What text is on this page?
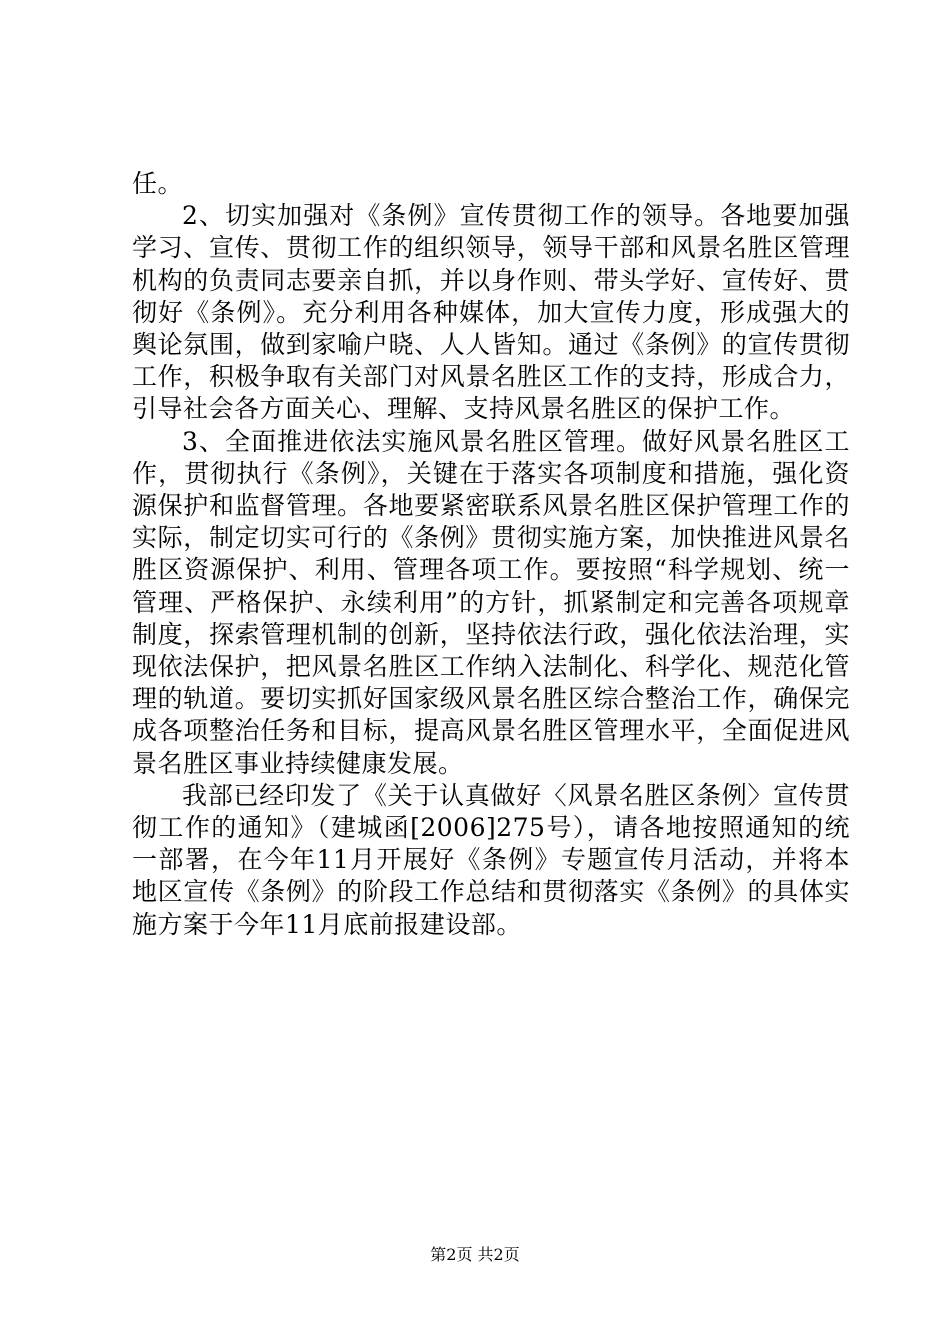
任。

2、切实加强对《条例》宣传贯彻工作的领导。各地要加强学习、宣传、贯彻工作的组织领导，领导干部和风景名胜区管理机构的负责同志要亲自抓，并以身作则、带头学好、宣传好、贯彻好《条例》。充分利用各种媒体，加大宣传力度，形成强大的舆论氛围，做到家喻户晓、人人皆知。通过《条例》的宣传贯彻工作，积极争取有关部门对风景名胜区工作的支持，形成合力，引导社会各方面关心、理解、支持风景名胜区的保护工作。

3、全面推进依法实施风景名胜区管理。做好风景名胜区工作，贯彻执行《条例》，关键在于落实各项制度和措施，强化资源保护和监督管理。各地要紧密联系风景名胜区保护管理工作的实际，制定切实可行的《条例》贯彻实施方案，加快推进风景名胜区资源保护、利用、管理各项工作。要按照“科学规划、统一管理、严格保护、永续利用”的方针，抓紧制定和完善各项规章制度，探索管理机制的创新，坚持依法行政，强化依法治理，实现依法保护，把风景名胜区工作纳入法制化、科学化、规范化管理的轨道。要切实抓好国家级风景名胜区综合整治工作，确保完成各项整治任务和目标，提高风景名胜区管理水平，全面促进风景名胜区事业持续健康发展。

我部已经印发了《关于认真做好〈风景名胜区条例〉宣传贯彻工作的通知》（建城函[2006]275号），请各地按照通知的统一部署，在今年11月开展好《条例》专题宣传月活动，并将本地区宣传《条例》的阶段工作总结和贯彻落实《条例》的具体实施方案于今年11月底前报建设部。

第2页 共2页
